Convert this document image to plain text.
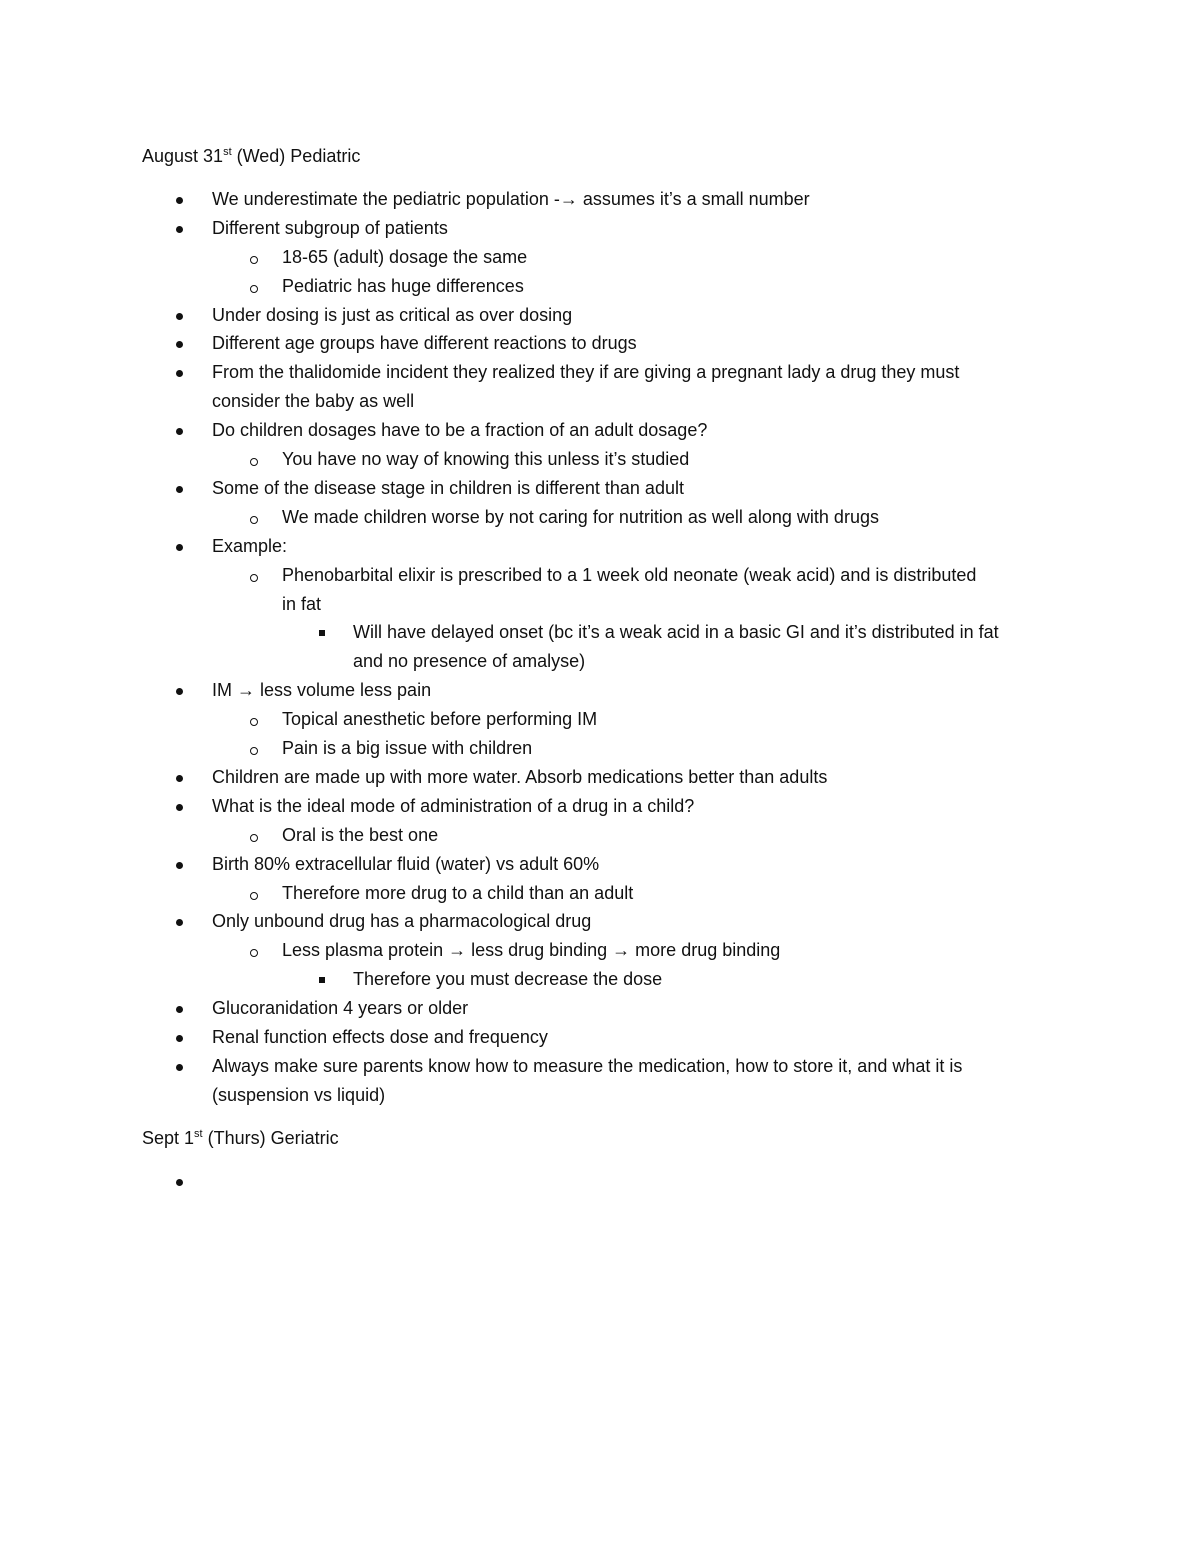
August 31st (Wed) Pediatric
We underestimate the pediatric population -→ assumes it’s a small number
Different subgroup of patients
18-65 (adult) dosage the same
Pediatric has huge differences
Under dosing is just as critical as over dosing
Different age groups have different reactions to drugs
From the thalidomide incident they realized they if are giving a pregnant lady a drug they must
consider the baby as well
Do children dosages have to be a fraction of an adult dosage?
You have no way of knowing this unless it’s studied
Some of the disease stage in children is different than adult
We made children worse by not caring for nutrition as well along with drugs
Example:
Phenobarbital elixir is prescribed to a 1 week old neonate (weak acid) and is distributed
in fat
Will have delayed onset (bc it’s a weak acid in a basic GI and it’s distributed in fat
and no presence of amalyse)
IM → less volume less pain
Topical anesthetic before performing IM
Pain is a big issue with children
Children are made up with more water. Absorb medications better than adults
What is the ideal mode of administration of a drug in a child?
Oral is the best one
Birth 80% extracellular fluid (water) vs adult 60%
Therefore more drug to a child than an adult
Only unbound drug has a pharmacological drug
Less plasma protein → less drug binding → more drug binding
Therefore you must decrease the dose
Glucoranidation 4 years or older
Renal function effects dose and frequency
Always make sure parents know how to measure the medication, how to store it, and what it is
(suspension vs liquid)
Sept 1st (Thurs) Geriatric
